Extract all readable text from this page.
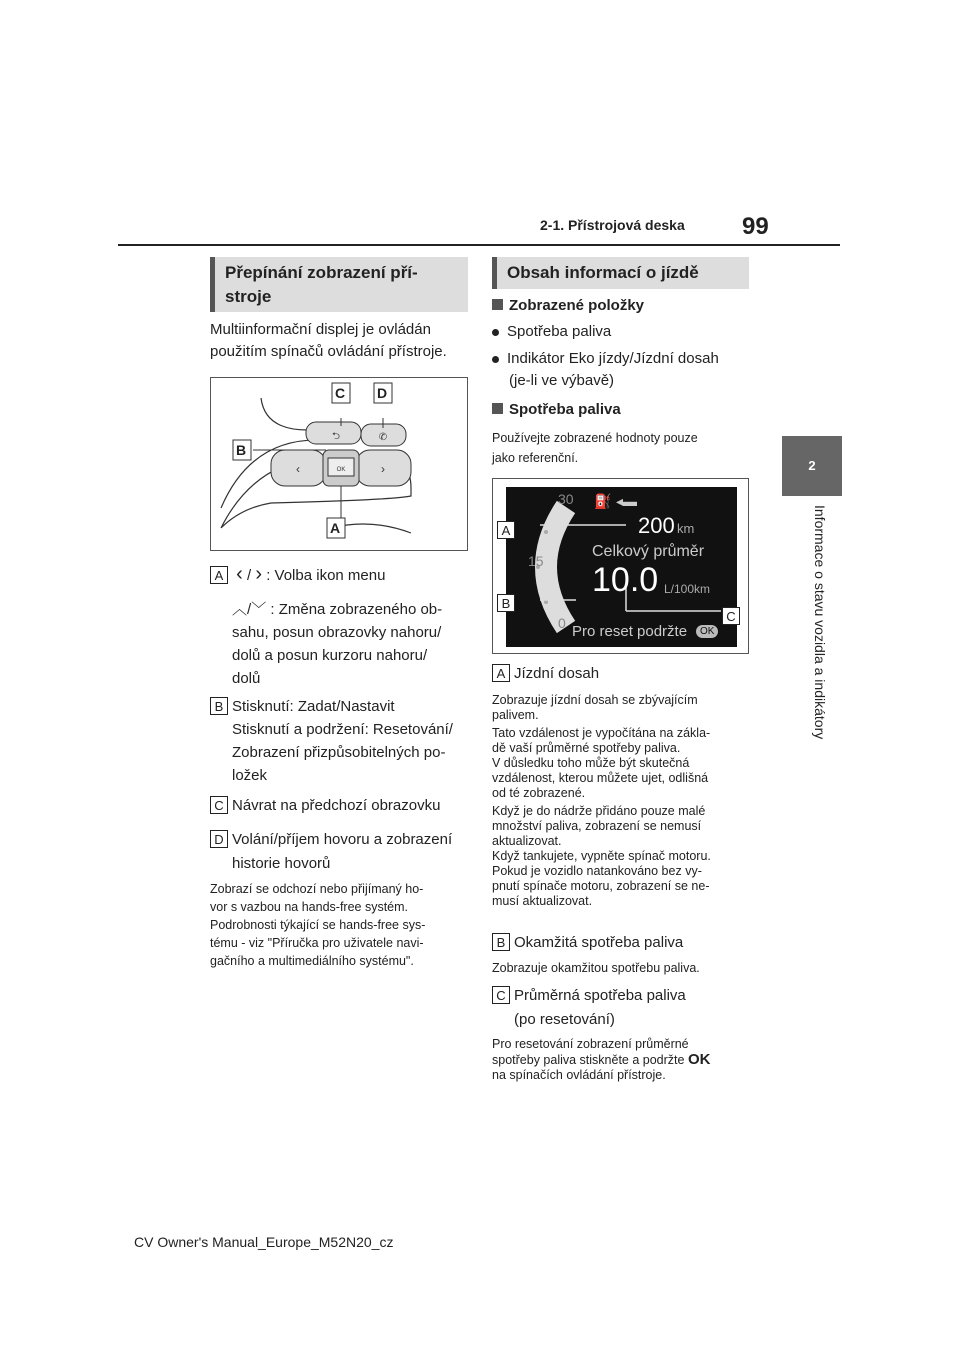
2-1. Přístrojová deska 99
2
Informace o stavu vozidla a indikátory
Přepínání zobrazení pří-
stroje
Multiinformační displej je ovládán
použitím spínačů ovládání přístroje.
⮌	✆
‹	›
OK
C D
B
A
A ‹ / › : Volba ikon menu
︿/﹀ : Změna zobrazeného ob-
sahu, posun obrazovky nahoru/
dolů a posun kurzoru nahoru/
dolů
B Stisknutí: Zadat/Nastavit
Stisknutí a podržení: Resetování/
Zobrazení přizpůsobitelných po-
ložek
C Návrat na předchozí obrazovku
D Volání/příjem hovoru a zobrazení
historie hovorů
Zobrazí se odchozí nebo přijímaný ho-
vor s vazbou na hands-free systém.
Podrobnosti týkající se hands-free sys-
tému - viz "Příručka pro uživatele navi-
gačního a multimediálního systému".
Obsah informací o jízdě
Zobrazené položky
Spotřeba paliva
Indikátor Eko jízdy/Jízdní dosah
(je-li ve výbavě)
Spotřeba paliva
Používejte zobrazené hodnoty pouze
jako referenční.
30
15
0
⛽ ◂▬
200 km
Celkový průměr
10.0 L/100km
Pro reset podržte	OK
A
B
C
A Jízdní dosah
Zobrazuje jízdní dosah se zbývajícím
palivem.
Tato vzdálenost je vypočítána na zákla-
dě vaší průměrné spotřeby paliva.
V důsledku toho může být skutečná
vzdálenost, kterou můžete ujet, odlišná
od té zobrazené.
Když je do nádrže přidáno pouze malé
množství paliva, zobrazení se nemusí
aktualizovat.
Když tankujete, vypněte spínač motoru.
Pokud je vozidlo natankováno bez vy-
pnutí spínače motoru, zobrazení se ne-
musí aktualizovat.
B Okamžitá spotřeba paliva
Zobrazuje okamžitou spotřebu paliva.
C Průměrná spotřeba paliva
(po resetování)
Pro resetování zobrazení průměrné
spotřeby paliva stiskněte a podržte OK
na spínačích ovládání přístroje.
CV Owner's Manual_Europe_M52N20_cz
